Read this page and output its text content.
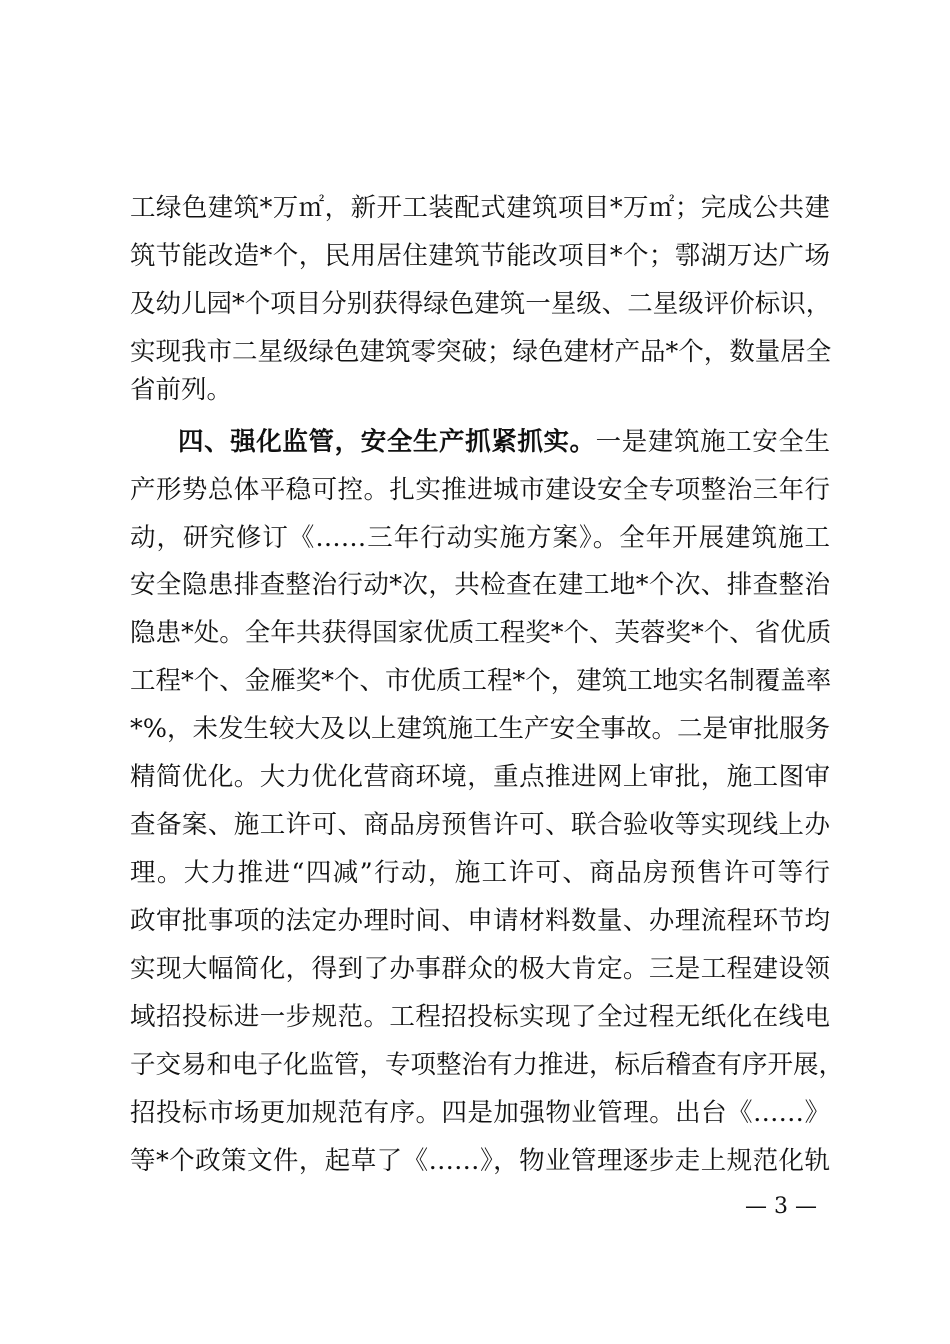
工绿色建筑*万㎡，新开工装配式建筑项目*万㎡；完成公共建
筑节能改造*个，民用居住建筑节能改项目*个；鄠湖万达广场
及幼儿园*个项目分别获得绿色建筑一星级、二星级评价标识，
实现我市二星级绿色建筑零突破；绿色建材产品*个，数量居全
省前列。
四、强化监管，安全生产抓紧抓实。一是建筑施工安全生
产形势总体平稳可控。扎实推进城市建设安全专项整治三年行
动，研究修订《……三年行动实施方案》。全年开展建筑施工
安全隐患排查整治行动*次，共检查在建工地*个次、排查整治
隐患*处。全年共获得国家优质工程奖*个、芙蓉奖*个、省优质
工程*个、金雁奖*个、市优质工程*个，建筑工地实名制覆盖率
*%，未发生较大及以上建筑施工生产安全事故。二是审批服务
精简优化。大力优化营商环境，重点推进网上审批，施工图审
查备案、施工许可、商品房预售许可、联合验收等实现线上办
理。大力推进“四减”行动，施工许可、商品房预售许可等行
政审批事项的法定办理时间、申请材料数量、办理流程环节均
实现大幅简化，得到了办事群众的极大肯定。三是工程建设领
域招投标进一步规范。工程招投标实现了全过程无纸化在线电
子交易和电子化监管，专项整治有力推进，标后稽查有序开展，
招投标市场更加规范有序。四是加强物业管理。出台《……》
等*个政策文件，起草了《……》，物业管理逐步走上规范化轨
— 3 —
